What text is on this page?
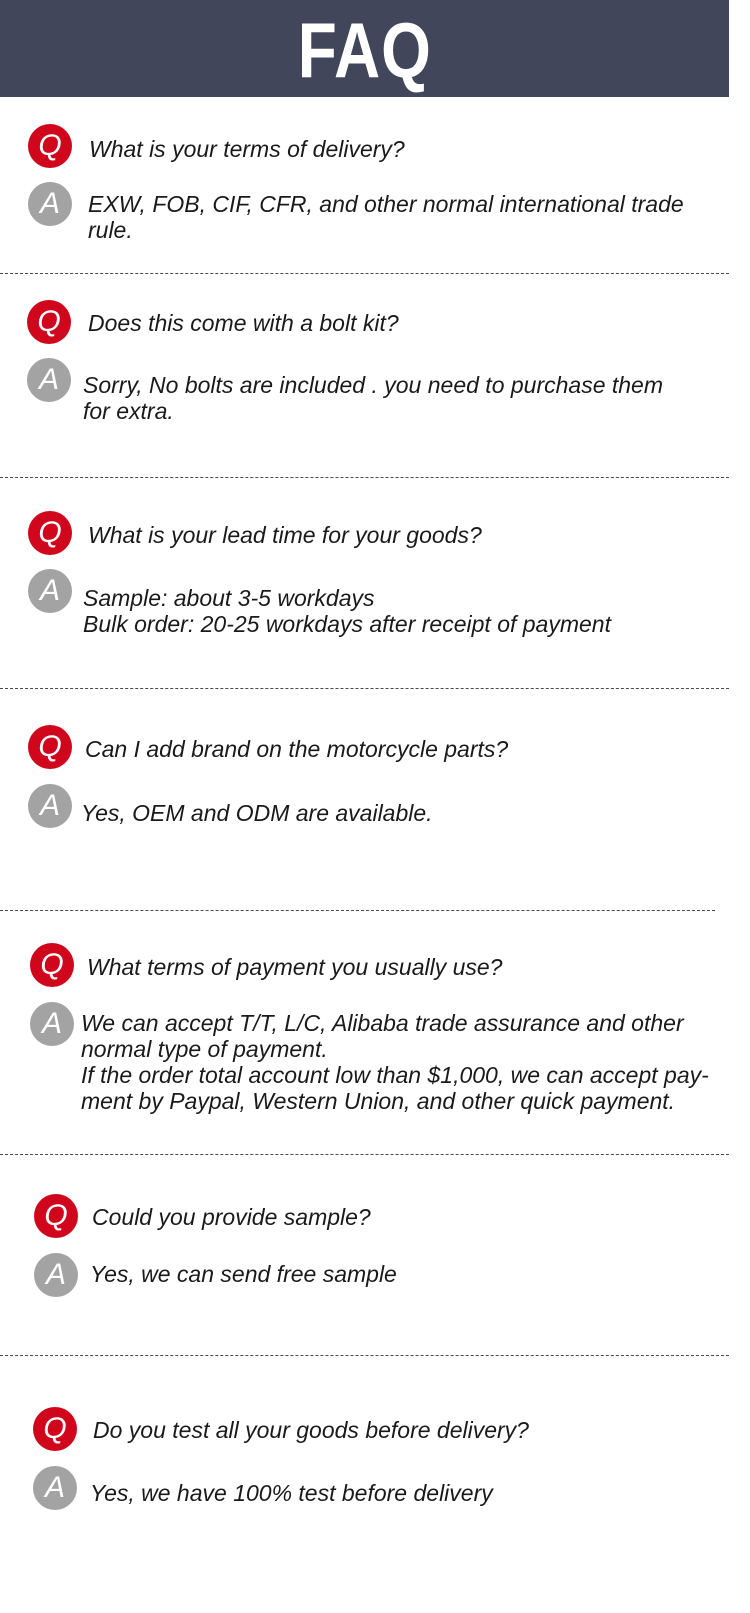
FAQ
Q	What is your terms of delivery?
A	EXW, FOB, CIF, CFR, and other normal international trade
rule.
Q	Does this come with a bolt kit?
A	Sorry, No bolts are included . you need to purchase them
for extra.
Q	What is your lead time for your goods?
A	Sample: about 3-5 workdays
Bulk order: 20-25 workdays after receipt of payment
Q	Can I add brand on the motorcycle parts?
A Yes, OEM and ODM are available.
Q	What terms of payment you usually use?
A We can accept T/T, L/C, Alibaba trade assurance and other
normal type of payment.
If the order total account low than $1,000, we can accept pay-
ment by Paypal, Western Union, and other quick payment.
Q	Could you provide sample?
A	Yes, we can send free sample
Q	Do you test all your goods before delivery?
A	Yes, we have 100% test before delivery
